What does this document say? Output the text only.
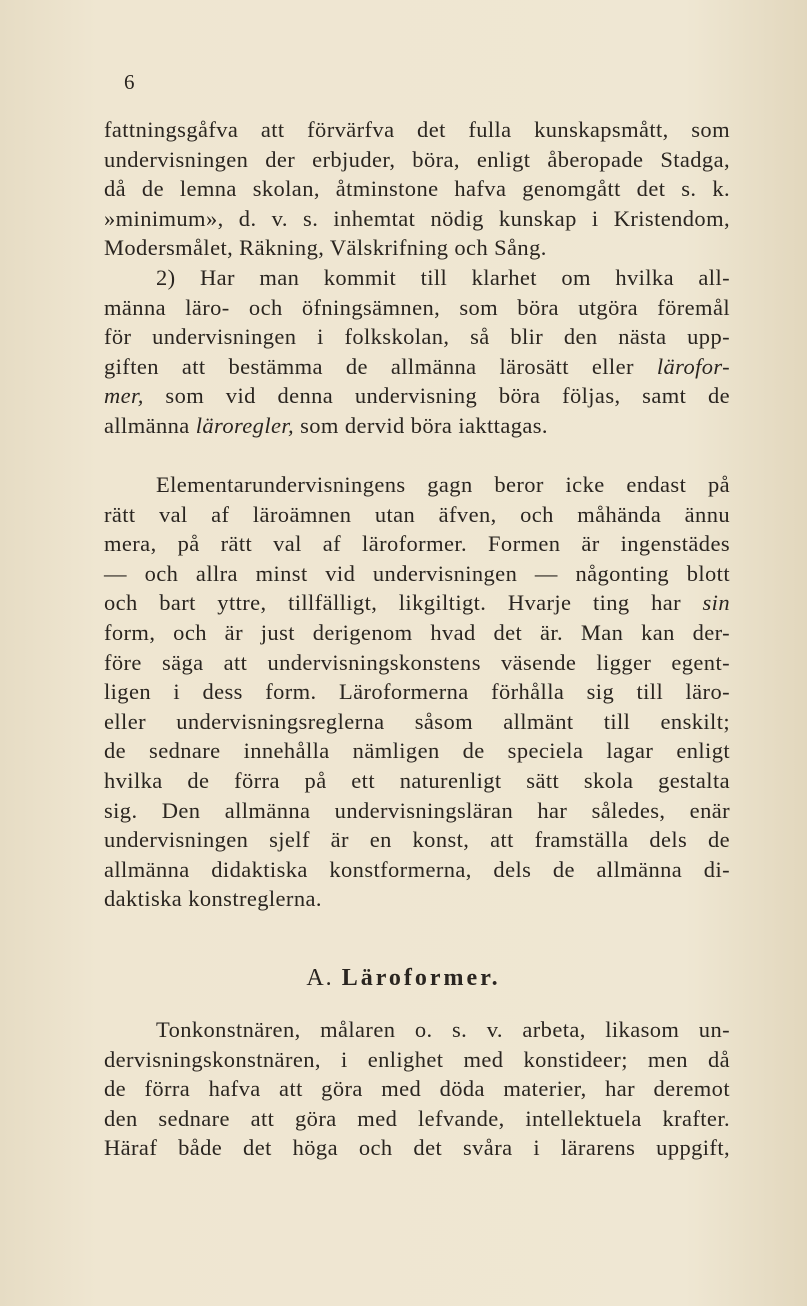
6
fattningsgåfva att förvärfva det fulla kunskapsmått, som
undervisningen der erbjuder, böra, enligt åberopade Stadga,
då de lemna skolan, åtminstone hafva genomgått det s. k.
»minimum», d. v. s. inhemtat nödig kunskap i Kristendom,
Modersmålet, Räkning, Välskrifning och Sång.
2) Har man kommit till klarhet om hvilka all-
männa läro- och öfningsämnen, som böra utgöra föremål
för undervisningen i folkskolan, så blir den nästa upp-
giften att bestämma de allmänna lärosätt eller lärofor-
mer, som vid denna undervisning böra följas, samt de
allmänna läroregler, som dervid böra iakttagas.
Elementarundervisningens gagn beror icke endast på
rätt val af läroämnen utan äfven, och måhända ännu
mera, på rätt val af läroformer. Formen är ingenstädes
— och allra minst vid undervisningen — någonting blott
och bart yttre, tillfälligt, likgiltigt. Hvarje ting har sin
form, och är just derigenom hvad det är. Man kan der-
före säga att undervisningskonstens väsende ligger egent-
ligen i dess form. Läroformerna förhålla sig till läro-
eller undervisningsreglerna såsom allmänt till enskilt;
de sednare innehålla nämligen de speciela lagar enligt
hvilka de förra på ett naturenligt sätt skola gestalta
sig. Den allmänna undervisningsläran har således, enär
undervisningen sjelf är en konst, att framställa dels de
allmänna didaktiska konstformerna, dels de allmänna di-
daktiska konstreglerna.
A. Läroformer.
Tonkonstnären, målaren o. s. v. arbeta, likasom un-
dervisningskonstnären, i enlighet med konstideer; men då
de förra hafva att göra med döda materier, har deremot
den sednare att göra med lefvande, intellektuela krafter.
Häraf både det höga och det svåra i lärarens uppgift,
